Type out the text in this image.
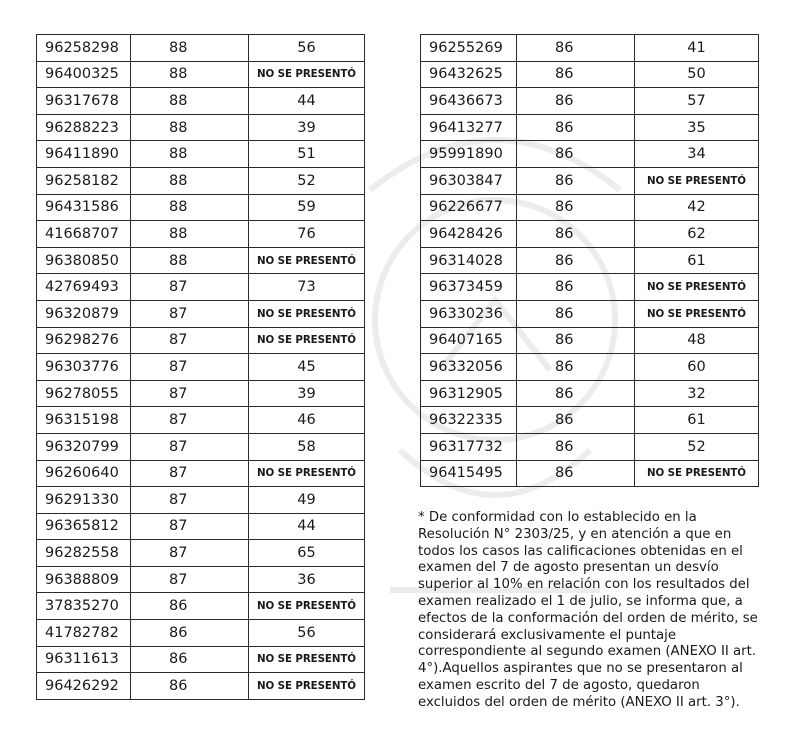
96258298	88	56
96400325	88	NO SE PRESENTÓ
96317678	88	44
96288223	88	39
96411890	88	51
96258182	88	52
96431586	88	59
41668707	88	76
96380850	88	NO SE PRESENTÓ
42769493	87	73
96320879	87	NO SE PRESENTÓ
96298276	87	NO SE PRESENTÓ
96303776	87	45
96278055	87	39
96315198	87	46
96320799	87	58
96260640	87	NO SE PRESENTÓ
96291330	87	49
96365812	87	44
96282558	87	65
96388809	87	36
37835270	86	NO SE PRESENTÓ
41782782	86	56
96311613	86	NO SE PRESENTÓ
96426292	86	NO SE PRESENTÓ
96255269	86	41
96432625	86	50
96436673	86	57
96413277	86	35
95991890	86	34
96303847	86	NO SE PRESENTÓ
96226677	86	42
96428426	86	62
96314028	86	61
96373459	86	NO SE PRESENTÓ
96330236	86	NO SE PRESENTÓ
96407165	86	48
96332056	86	60
96312905	86	32
96322335	86	61
96317732	86	52
96415495	86	NO SE PRESENTÓ
* De conformidad con lo establecido en la Resolución N° 2303/25, y en atención a que en todos los casos las calificaciones obtenidas en el examen del 7 de agosto presentan un desvío superior al 10% en relación con los resultados del examen realizado el 1 de julio, se informa que, a efectos de la conformación del orden de mérito, se considerará exclusivamente el puntaje correspondiente al segundo examen (ANEXO II art. 4°).Aquellos aspirantes que no se presentaron al examen escrito del 7 de agosto, quedaron excluidos del orden de mérito (ANEXO II art. 3°).
